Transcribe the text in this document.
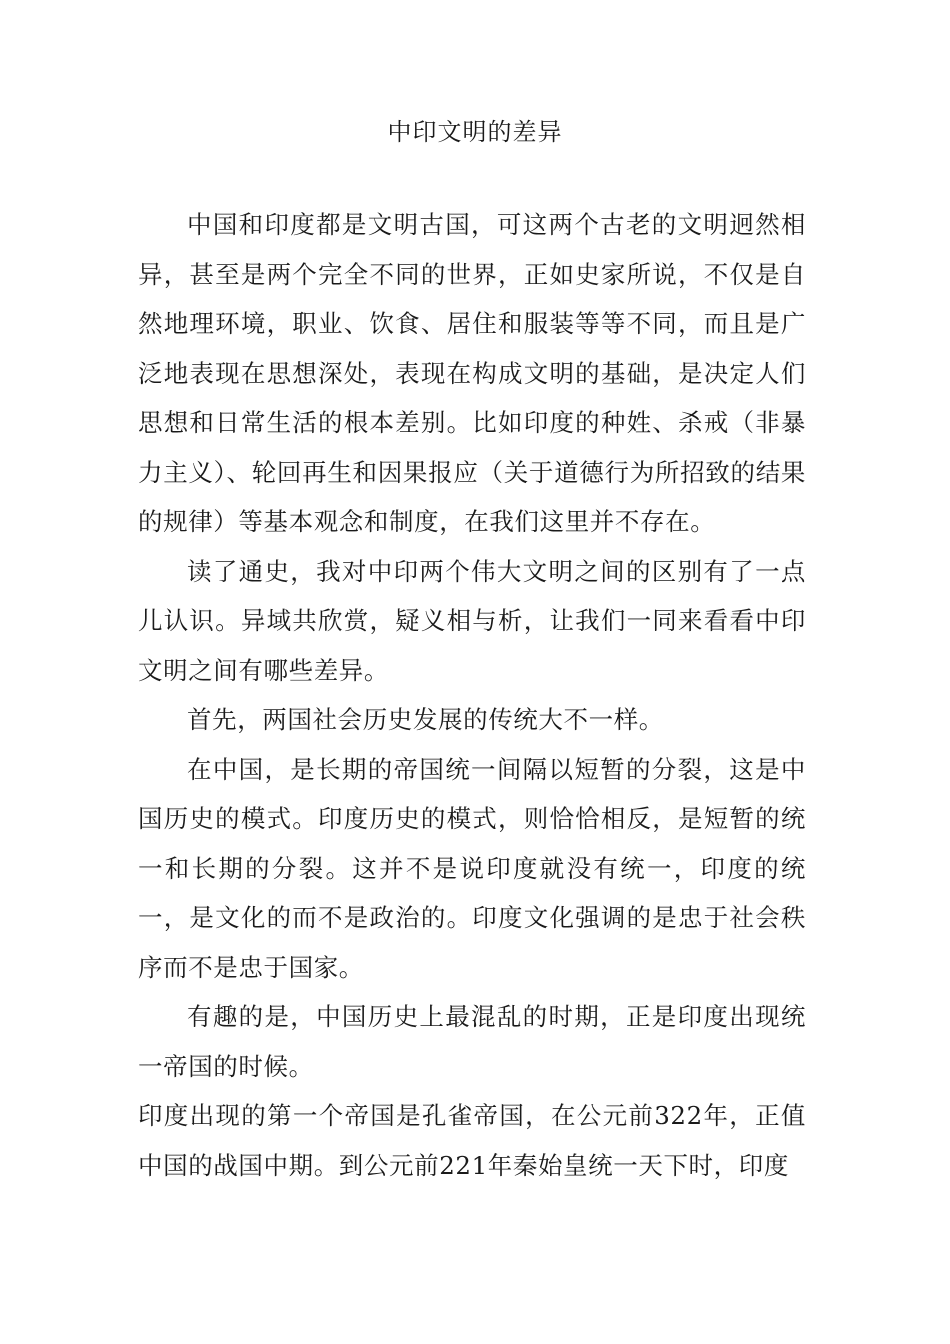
中印文明的差异

中国和印度都是文明古国，可这两个古老的文明迥然相异，甚至是两个完全不同的世界，正如史家所说，不仅是自然地理环境，职业、饮食、居住和服装等等不同，而且是广泛地表现在思想深处，表现在构成文明的基础，是决定人们思想和日常生活的根本差别。比如印度的种姓、杀戒（非暴力主义）、轮回再生和因果报应（关于道德行为所招致的结果的规律）等基本观念和制度，在我们这里并不存在。

读了通史，我对中印两个伟大文明之间的区别有了一点儿认识。异域共欣赏，疑义相与析，让我们一同来看看中印文明之间有哪些差异。

首先，两国社会历史发展的传统大不一样。

在中国，是长期的帝国统一间隔以短暂的分裂，这是中国历史的模式。印度历史的模式，则恰恰相反，是短暂的统一和长期的分裂。这并不是说印度就没有统一，印度的统一，是文化的而不是政治的。印度文化强调的是忠于社会秩序而不是忠于国家。

有趣的是，中国历史上最混乱的时期，正是印度出现统一帝国的时候。

印度出现的第一个帝国是孔雀帝国，在公元前322年，正值中国的战国中期。到公元前221年秦始皇统一天下时，印度
